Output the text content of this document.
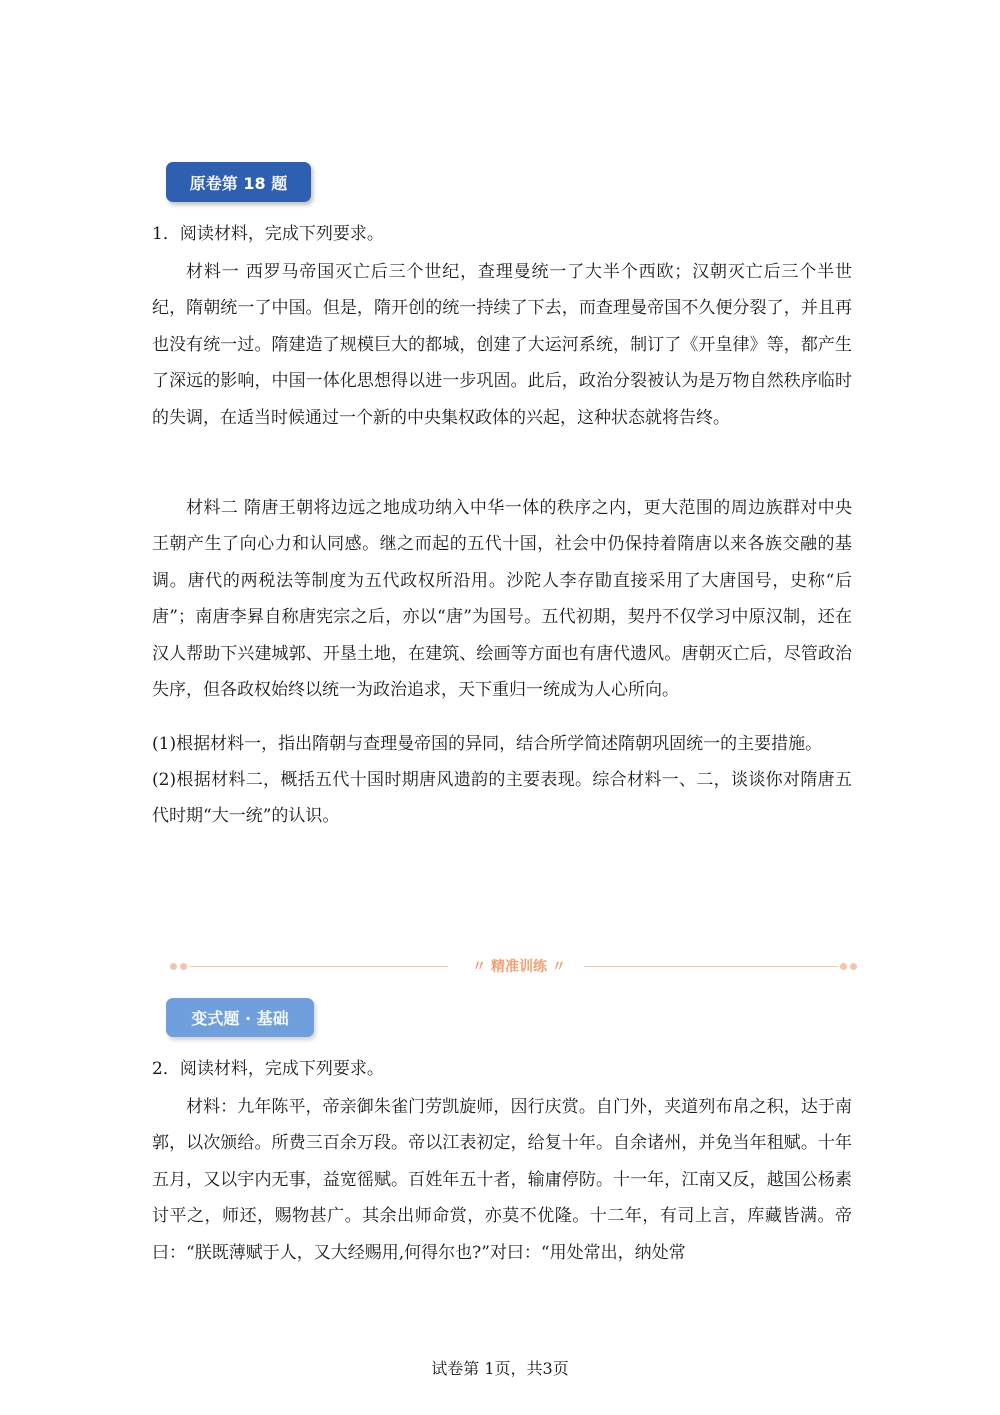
原卷第 18 题

1．阅读材料，完成下列要求。

材料一 西罗马帝国灭亡后三个世纪，查理曼统一了大半个西欧；汉朝灭亡后三个半世纪，隋朝统一了中国。但是，隋开创的统一持续了下去，而查理曼帝国不久便分裂了，并且再也没有统一过。隋建造了规模巨大的都城，创建了大运河系统，制订了《开皇律》等，都产生了深远的影响，中国一体化思想得以进一步巩固。此后，政治分裂被认为是万物自然秩序临时的失调，在适当时候通过一个新的中央集权政体的兴起，这种状态就将告终。

材料二 隋唐王朝将边远之地成功纳入中华一体的秩序之内，更大范围的周边族群对中央王朝产生了向心力和认同感。继之而起的五代十国，社会中仍保持着隋唐以来各族交融的基调。唐代的两税法等制度为五代政权所沿用。沙陀人李存勖直接采用了大唐国号，史称“后唐”；南唐李昪自称唐宪宗之后，亦以“唐”为国号。五代初期，契丹不仅学习中原汉制，还在汉人帮助下兴建城郭、开垦土地，在建筑、绘画等方面也有唐代遗风。唐朝灭亡后，尽管政治失序，但各政权始终以统一为政治追求，天下重归一统成为人心所向。

(1)根据材料一，指出隋朝与查理曼帝国的异同，结合所学简述隋朝巩固统一的主要措施。

(2)根据材料二，概括五代十国时期唐风遗韵的主要表现。综合材料一、二，谈谈你对隋唐五代时期“大一统”的认识。

〃 精准训练 〃
变式题 · 基础

2．阅读材料，完成下列要求。

材料：九年陈平，帝亲御朱雀门劳凯旋师，因行庆赏。自门外，夹道列布帛之积，达于南郭，以次颁给。所费三百余万段。帝以江表初定，给复十年。自余诸州，并免当年租赋。十年五月，又以宇内无事，益宽徭赋。百姓年五十者，输庸停防。十一年，江南又反，越国公杨素讨平之，师还，赐物甚广。其余出师命赏，亦莫不优隆。十二年，有司上言，库藏皆满。帝曰：“朕既薄赋于人，又大经赐用,何得尔也?”对曰：“用处常出，纳处常

试卷第 1页，共3页
